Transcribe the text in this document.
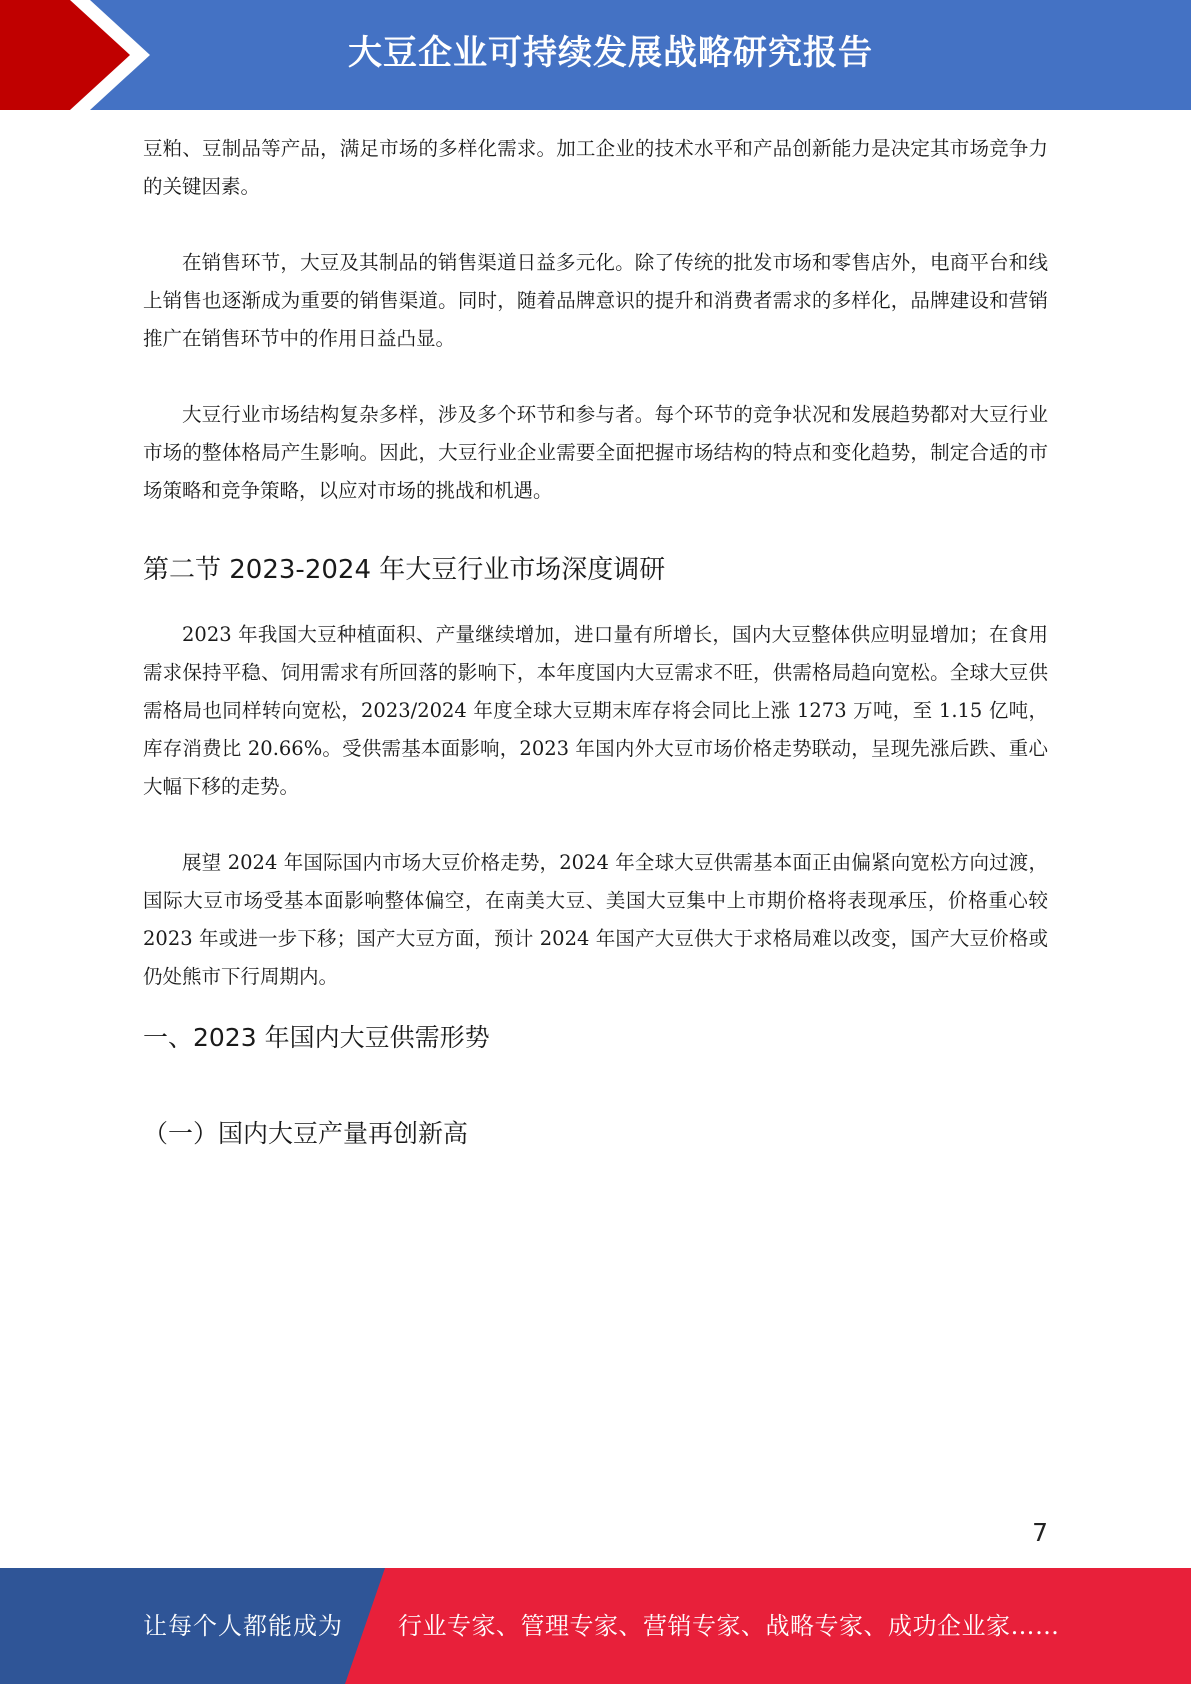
大豆企业可持续发展战略研究报告

豆粕、豆制品等产品，满足市场的多样化需求。加工企业的技术水平和产品创新能力是决定其市场竞争力的关键因素。

在销售环节，大豆及其制品的销售渠道日益多元化。除了传统的批发市场和零售店外，电商平台和线上销售也逐渐成为重要的销售渠道。同时，随着品牌意识的提升和消费者需求的多样化，品牌建设和营销推广在销售环节中的作用日益凸显。

大豆行业市场结构复杂多样，涉及多个环节和参与者。每个环节的竞争状况和发展趋势都对大豆行业市场的整体格局产生影响。因此，大豆行业企业需要全面把握市场结构的特点和变化趋势，制定合适的市场策略和竞争策略，以应对市场的挑战和机遇。

第二节 2023-2024 年大豆行业市场深度调研

2023 年我国大豆种植面积、产量继续增加，进口量有所增长，国内大豆整体供应明显增加；在食用需求保持平稳、饲用需求有所回落的影响下，本年度国内大豆需求不旺，供需格局趋向宽松。全球大豆供需格局也同样转向宽松，2023/2024 年度全球大豆期末库存将会同比上涨 1273 万吨，至 1.15 亿吨，库存消费比 20.66%。受供需基本面影响，2023 年国内外大豆市场价格走势联动，呈现先涨后跌、重心大幅下移的走势。

展望 2024 年国际国内市场大豆价格走势，2024 年全球大豆供需基本面正由偏紧向宽松方向过渡，国际大豆市场受基本面影响整体偏空，在南美大豆、美国大豆集中上市期价格将表现承压，价格重心较 2023 年或进一步下移；国产大豆方面，预计 2024 年国产大豆供大于求格局难以改变，国产大豆价格或仍处熊市下行周期内。

一、2023 年国内大豆供需形势
（一）国内大豆产量再创新高
7
让每个人都能成为 行业专家、管理专家、营销专家、战略专家、成功企业家……
